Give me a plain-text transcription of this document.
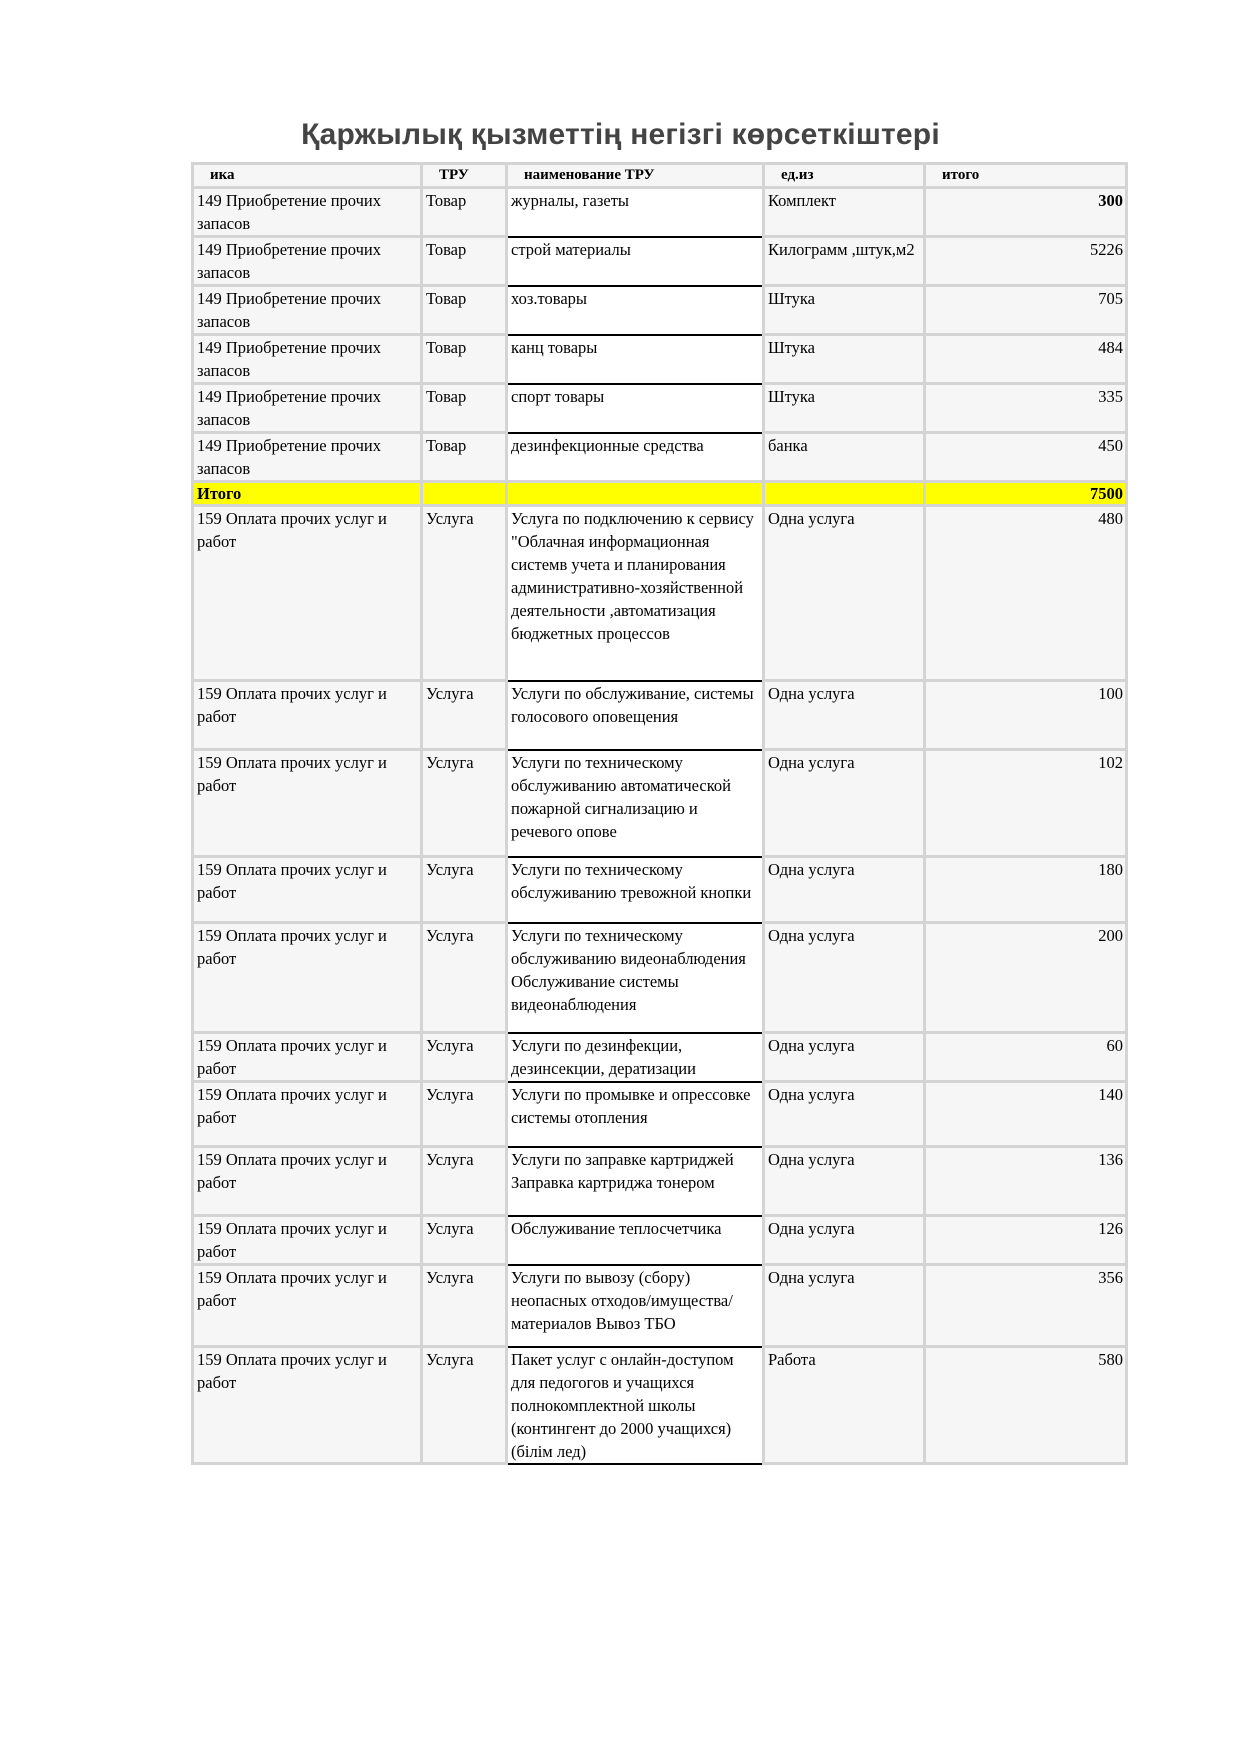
Қаржылық қызметтің негізгі көрсеткіштері
ика	ТРУ	наименование ТРУ	ед.из	итого
149 Приобретение прочих запасов	Товар	журналы, газеты	Комплект	300
149 Приобретение прочих запасов	Товар	строй материалы	Килограмм ,штук,м2	5226
149 Приобретение прочих запасов	Товар	хоз.товары	Штука	705
149 Приобретение прочих запасов	Товар	канц товары	Штука	484
149 Приобретение прочих запасов	Товар	спорт товары	Штука	335
149 Приобретение прочих запасов	Товар	дезинфекционные средства	банка	450
Итого				7500
159 Оплата прочих услуг и работ	Услуга	Услуга по подключению к сервису "Облачная информационная системв учета и планирования административно-хозяйственной деятельности ,автоматизация бюджетных процессов	Одна услуга	480
159 Оплата прочих услуг и работ	Услуга	Услуги по обслуживание, системы голосового оповещения	Одна услуга	100
159 Оплата прочих услуг и работ	Услуга	Услуги по техническому обслуживанию автоматической пожарной сигнализацию и речевого опове	Одна услуга	102
159 Оплата прочих услуг и работ	Услуга	Услуги по техническому обслуживанию тревожной кнопки	Одна услуга	180
159 Оплата прочих услуг и работ	Услуга	Услуги по техническому обслуживанию видеонаблюдения Обслуживание системы видеонаблюдения	Одна услуга	200
159 Оплата прочих услуг и работ	Услуга	Услуги по дезинфекции, дезинсекции, дератизации	Одна услуга	60
159 Оплата прочих услуг и работ	Услуга	Услуги по промывке и опрессовке системы отопления	Одна услуга	140
159 Оплата прочих услуг и работ	Услуга	Услуги по заправке картриджей Заправка картриджа тонером	Одна услуга	136
159 Оплата прочих услуг и работ	Услуга	Обслуживание теплосчетчика	Одна услуга	126
159 Оплата прочих услуг и работ	Услуга	Услуги по вывозу (сбору) неопасных отходов/имущества/материалов Вывоз ТБО	Одна услуга	356
159 Оплата прочих услуг и работ	Услуга	Пакет услуг с онлайн-доступом для педогогов и учащихся полнокомплектной школы (контингент до 2000 учащихся) (білім лед)	Работа	580
